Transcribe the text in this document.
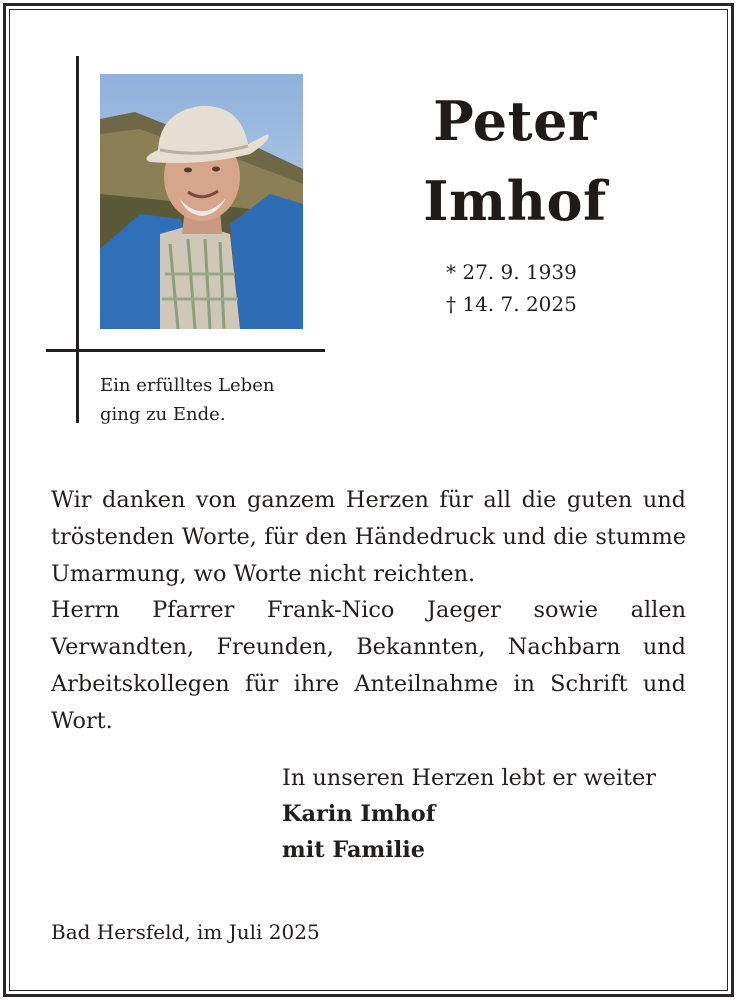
Ein erfülltes Leben
ging zu Ende.
Peter
Imhof
* 27. 9. 1939
† 14. 7. 2025

Wir danken von ganzem Herzen für all die guten und tröstenden Worte, für den Händedruck und die stumme Umarmung, wo Worte nicht reichten.

Herrn Pfarrer Frank-Nico Jaeger sowie allen Verwandten, Freunden, Bekannten, Nachbarn und Arbeitskollegen für ihre Anteilnahme in Schrift und Wort.

In unseren Herzen lebt er weiter
Karin Imhof
mit Familie
Bad Hersfeld, im Juli 2025
